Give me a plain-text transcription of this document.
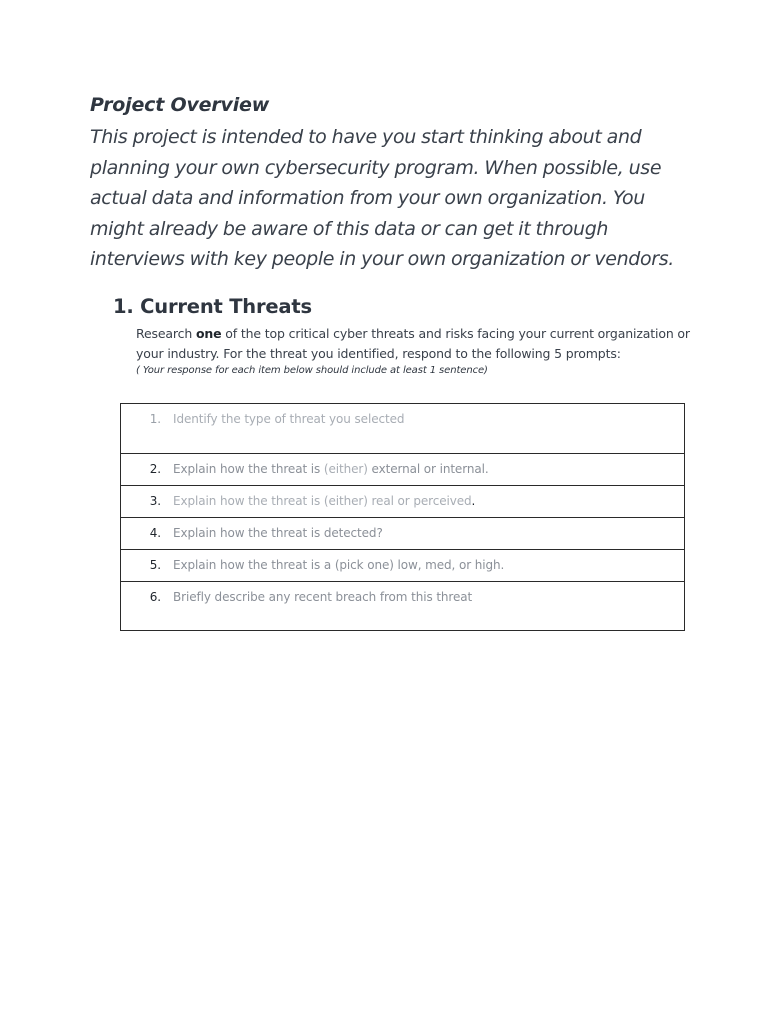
Project Overview

This project is intended to have you start thinking about and planning your own cybersecurity program. When possible, use actual data and information from your own organization. You might already be aware of this data or can get it through interviews with key people in your own organization or vendors.

1. Current Threats

Research one of the top critical cyber threats and risks facing your current organization or your industry. For the threat you identified, respond to the following 5 prompts:

( Your response for each item below should include at least 1 sentence)

1.	Identify the type of threat you selected

2.	Explain how the threat is (either) external or internal.

3.	Explain how the threat is (either) real or perceived.

4.	Explain how the threat is detected?

5.	Explain how the threat is a (pick one) low, med, or high.

6.	Briefly describe any recent breach from this threat
